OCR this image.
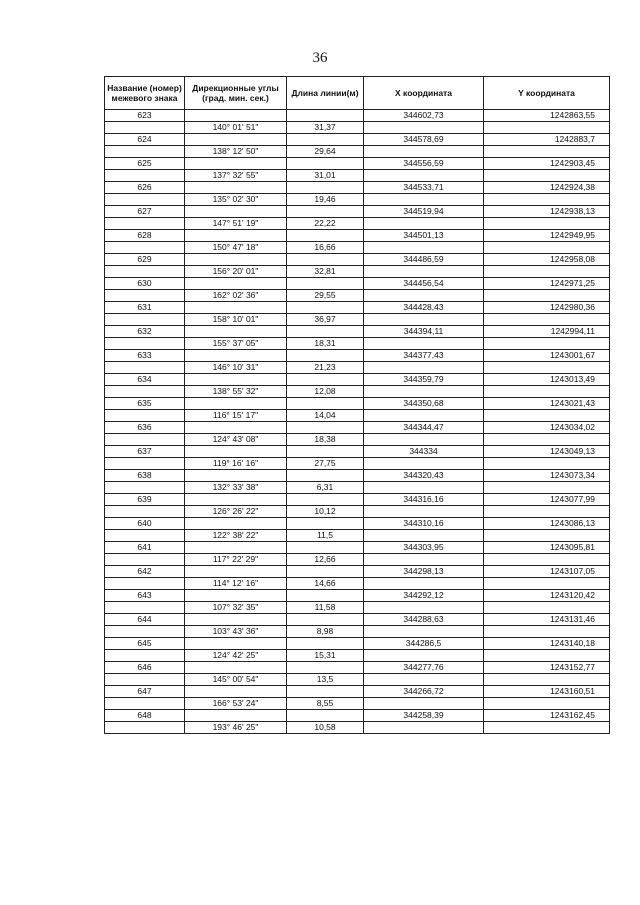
36
Название (номер) межевого знака	Дирекционные углы (град. мин. сек.)	Длина линии(м)	X координата	Y координата
623			344602,73	1242863,55
	140° 01' 51"	31,37		
624			344578,69	1242883,7
	138° 12' 50"	29,64		
625			344556,59	1242903,45
	137° 32' 55"	31,01		
626			344533,71	1242924,38
	135° 02' 30"	19,46		
627			344519,94	1242938,13
	147° 51' 19"	22,22		
628			344501,13	1242949,95
	150° 47' 18"	16,66		
629			344486,59	1242958,08
	156° 20' 01"	32,81		
630			344456,54	1242971,25
	162° 02' 36"	29,55		
631			344428,43	1242980,36
	158° 10' 01"	36,97		
632			344394,11	1242994,11
	155° 37' 05"	18,31		
633			344377,43	1243001,67
	146° 10' 31"	21,23		
634			344359,79	1243013,49
	138° 55' 32"	12,08		
635			344350,68	1243021,43
	116° 15' 17"	14,04		
636			344344,47	1243034,02
	124° 43' 08"	18,38		
637			344334	1243049,13
	119° 16' 16"	27,75		
638			344320,43	1243073,34
	132° 33' 38"	6,31		
639			344316,16	1243077,99
	126° 26' 22"	10,12		
640			344310,16	1243086,13
	122° 38' 22"	11,5		
641			344303,95	1243095,81
	117° 22' 29"	12,66		
642			344298,13	1243107,05
	114° 12' 16"	14,66		
643			344292,12	1243120,42
	107° 32' 35"	11,58		
644			344288,63	1243131,46
	103° 43' 36"	8,98		
645			344286,5	1243140,18
	124° 42' 25"	15,31		
646			344277,76	1243152,77
	145° 00' 54"	13,5		
647			344266,72	1243160,51
	166° 53' 24"	8,55		
648			344258,39	1243162,45
	193° 46' 25"	10,58		
